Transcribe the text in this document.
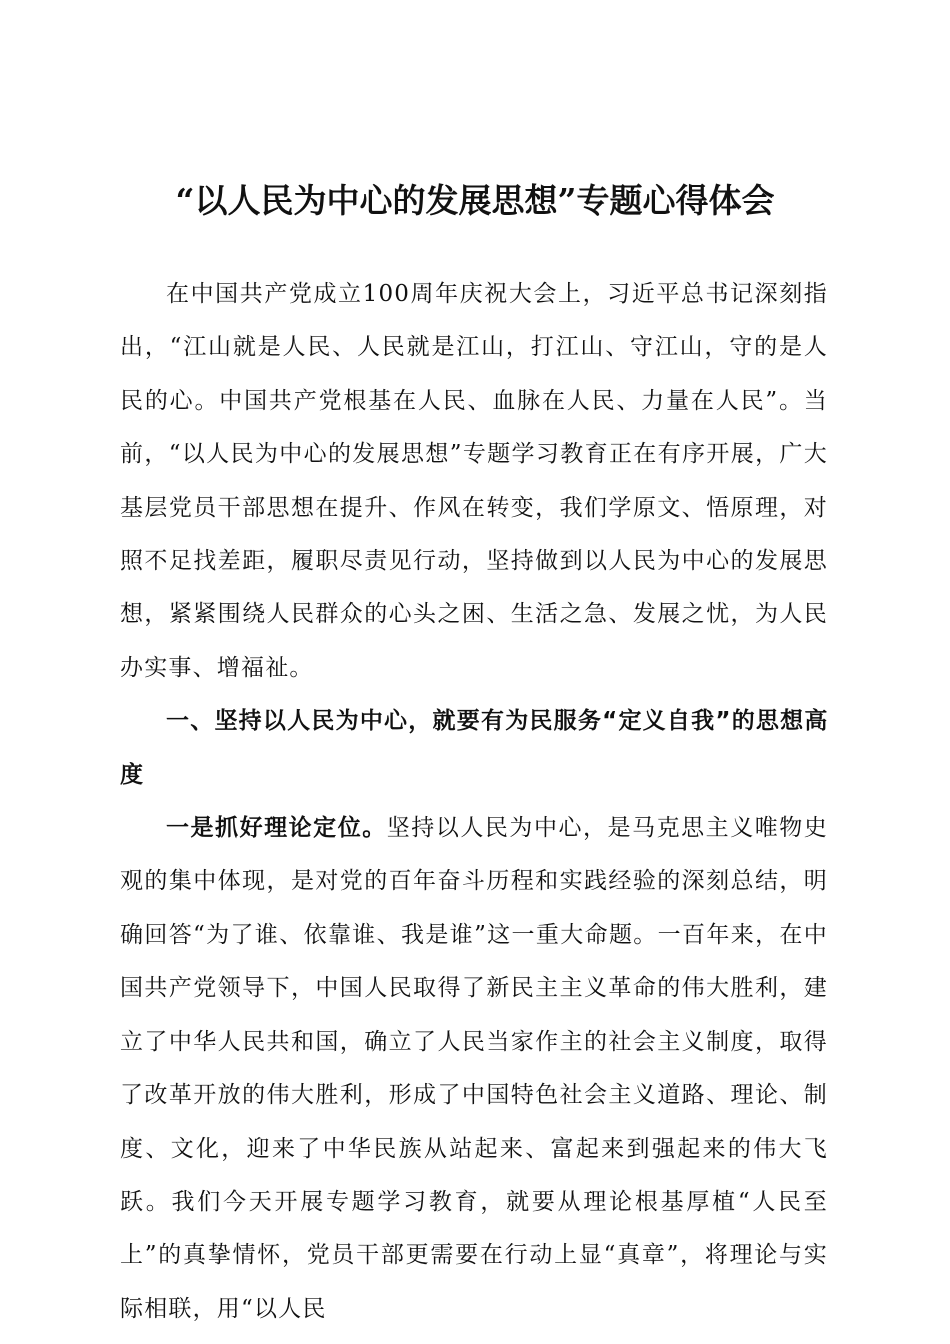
“以人民为中心的发展思想”专题心得体会

在中国共产党成立100周年庆祝大会上，习近平总书记深刻指出，“江山就是人民、人民就是江山，打江山、守江山，守的是人民的心。中国共产党根基在人民、血脉在人民、力量在人民”。当前，“以人民为中心的发展思想”专题学习教育正在有序开展，广大基层党员干部思想在提升、作风在转变，我们学原文、悟原理，对照不足找差距，履职尽责见行动，坚持做到以人民为中心的发展思想，紧紧围绕人民群众的心头之困、生活之急、发展之忧，为人民办实事、增福祉。

一、坚持以人民为中心，就要有为民服务“定义自我”的思想高度

一是抓好理论定位。坚持以人民为中心，是马克思主义唯物史观的集中体现，是对党的百年奋斗历程和实践经验的深刻总结，明确回答“为了谁、依靠谁、我是谁”这一重大命题。一百年来，在中国共产党领导下，中国人民取得了新民主主义革命的伟大胜利，建立了中华人民共和国，确立了人民当家作主的社会主义制度，取得了改革开放的伟大胜利，形成了中国特色社会主义道路、理论、制度、文化，迎来了中华民族从站起来、富起来到强起来的伟大飞跃。我们今天开展专题学习教育，就要从理论根基厚植“人民至上”的真挚情怀，党员干部更需要在行动上显“真章”，将理论与实际相联，用“以人民
